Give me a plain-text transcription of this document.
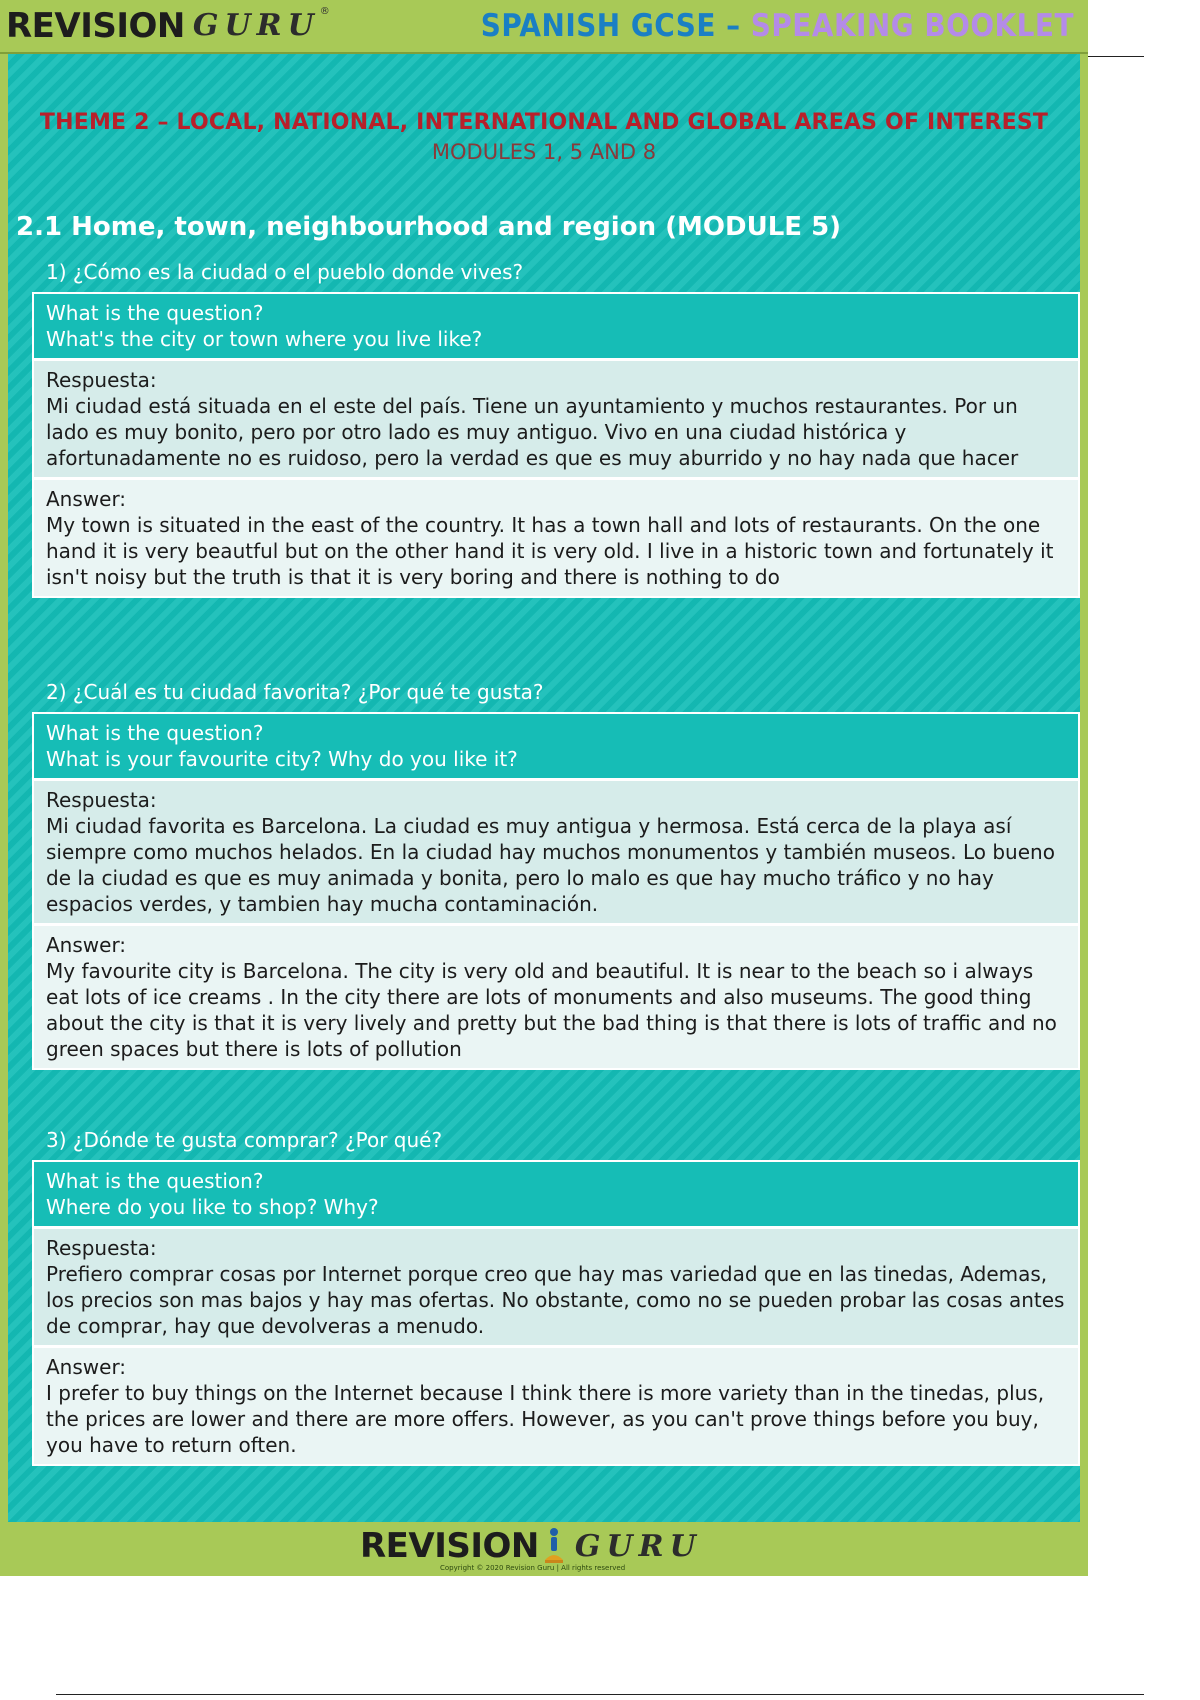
REVISION GURU ®	SPANISH GCSE – SPEAKING BOOKLET
THEME 2 – LOCAL, NATIONAL, INTERNATIONAL AND GLOBAL AREAS OF INTEREST
MODULES 1, 5 AND 8
2.1 Home, town, neighbourhood and region (MODULE 5)
1) ¿Cómo es la ciudad o el pueblo donde vives?
What is the question?
What's the city or town where you live like?
Respuesta:
Mi ciudad está situada en el este del país. Tiene un ayuntamiento y muchos restaurantes. Por un lado es muy bonito, pero por otro lado es muy antiguo. Vivo en una ciudad histórica y afortunadamente no es ruidoso, pero la verdad es que es muy aburrido y no hay nada que hacer
Answer:
My town is situated in the east of the country. It has a town hall and lots of restaurants. On the one hand it is very beautful but on the other hand it is very old. I live in a historic town and fortunately it isn't noisy but the truth is that it is very boring and there is nothing to do
2) ¿Cuál es tu ciudad favorita? ¿Por qué te gusta?
What is the question?
What is your favourite city? Why do you like it?
Respuesta:
Mi ciudad favorita es Barcelona. La ciudad es muy antigua y hermosa. Está cerca de la playa así siempre como muchos helados. En la ciudad hay muchos monumentos y también museos. Lo bueno de la ciudad es que es muy animada y bonita, pero lo malo es que hay mucho tráfico y no hay espacios verdes, y tambien hay mucha contaminación.
Answer:
My favourite city is Barcelona. The city is very old and beautiful. It is near to the beach so i always eat lots of ice creams . In the city there are lots of monuments and also museums. The good thing about the city is that it is very lively and pretty but the bad thing is that there is lots of traffic and no green spaces but there is lots of pollution
3) ¿Dónde te gusta comprar? ¿Por qué?
What is the question?
Where do you like to shop? Why?
Respuesta:
Prefiero comprar cosas por Internet porque creo que hay mas variedad que en las tinedas, Ademas, los precios son mas bajos y hay mas ofertas. No obstante, como no se pueden probar las cosas antes de comprar, hay que devolveras a menudo.
Answer:
I prefer to buy things on the Internet because I think there is more variety than in the tinedas, plus, the prices are lower and there are more offers. However, as you can't prove things before you buy, you have to return often.
REVISION GURU
Copyright © 2020 Revision Guru | All rights reserved
